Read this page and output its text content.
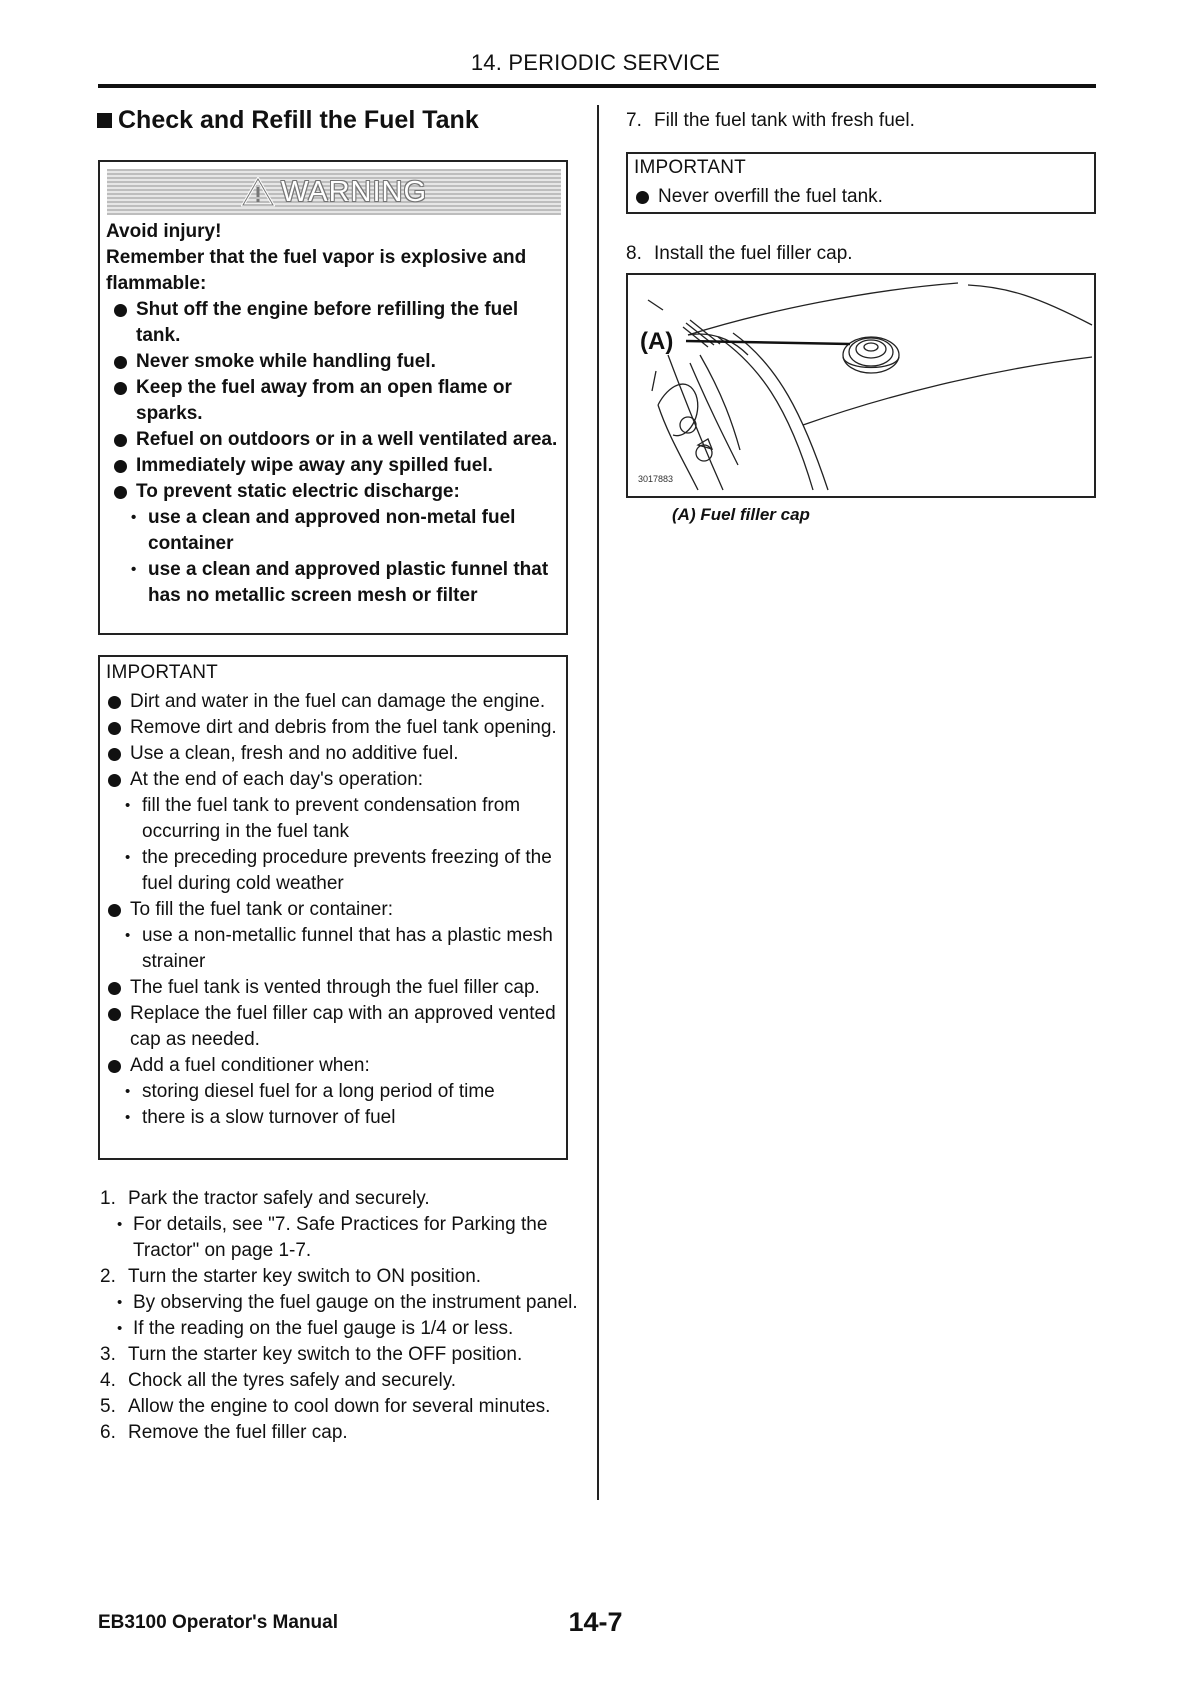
14. PERIODIC SERVICE
Check and Refill the Fuel Tank
WARNING
Avoid injury!
Remember that the fuel vapor is explosive and flammable:
Shut off the engine before refilling the fuel tank.
Never smoke while handling fuel.
Keep the fuel away from an open flame or sparks.
Refuel on outdoors or in a well ventilated area.
Immediately wipe away any spilled fuel.
To prevent static electric discharge:
• use a clean and approved non-metal fuel container
• use a clean and approved plastic funnel that has no metallic screen mesh or filter
IMPORTANT
Dirt and water in the fuel can damage the engine.
Remove dirt and debris from the fuel tank opening.
Use a clean, fresh and no additive fuel.
At the end of each day's operation:
• fill the fuel tank to prevent condensation from occurring in the fuel tank
• the preceding procedure prevents freezing of the fuel during cold weather
To fill the fuel tank or container:
• use a non-metallic funnel that has a plastic mesh strainer
The fuel tank is vented through the fuel filler cap.
Replace the fuel filler cap with an approved vented cap as needed.
Add a fuel conditioner when:
• storing diesel fuel for a long period of time
• there is a slow turnover of fuel
1. Park the tractor safely and securely.
• For details, see "7. Safe Practices for Parking the Tractor" on page 1-7.
2. Turn the starter key switch to ON position.
• By observing the fuel gauge on the instrument panel.
• If the reading on the fuel gauge is 1/4 or less.
3. Turn the starter key switch to the OFF position.
4. Chock all the tyres safely and securely.
5. Allow the engine to cool down for several minutes.
6. Remove the fuel filler cap.
7. Fill the fuel tank with fresh fuel.
IMPORTANT
Never overfill the fuel tank.
8. Install the fuel filler cap.
(A)
3017883
(A) Fuel filler cap
EB3100 Operator's Manual	14-7
